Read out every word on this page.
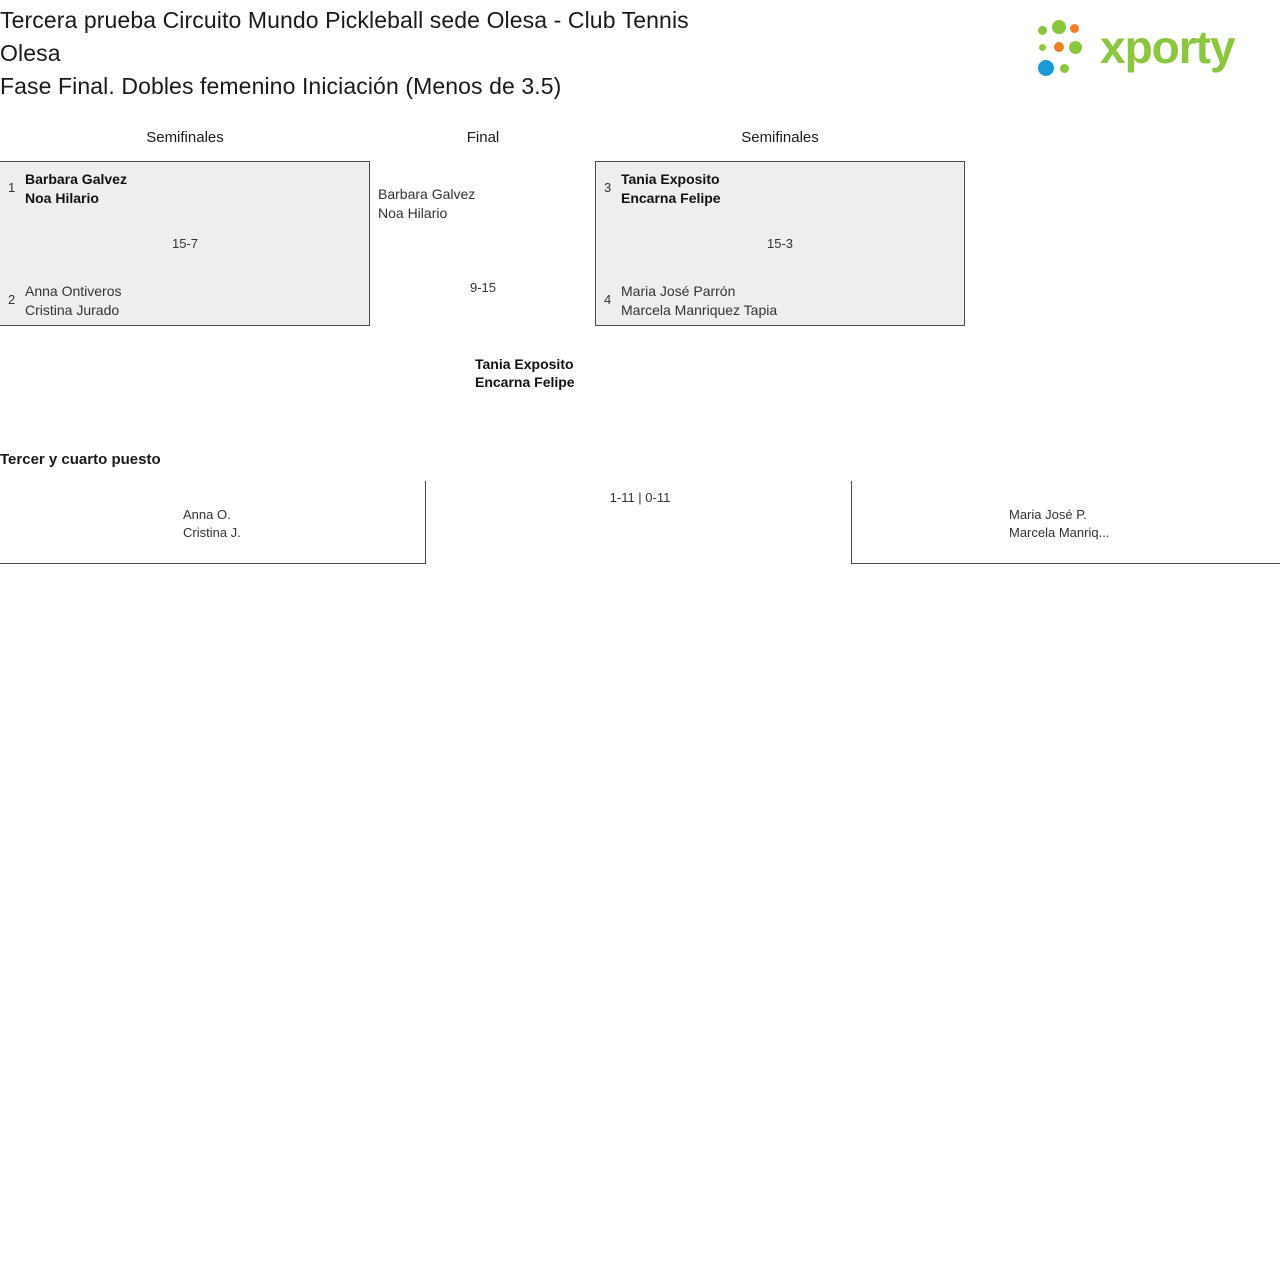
Tercera prueba Circuito Mundo Pickleball sede Olesa - Club Tennis
Olesa
Fase Final. Dobles femenino Iniciación (Menos de 3.5)
xporty
Semifinales	Final	Semifinales
1
Barbara Galvez
Noa Hilario
15-7
2
Anna Ontiveros
Cristina Jurado
Barbara Galvez
Noa Hilario
9-15
Tania Exposito
Encarna Felipe
3
Tania Exposito
Encarna Felipe
15-3
4
Maria José Parrón
Marcela Manriquez Tapia
Tercer y cuarto puesto
Anna O.
Cristina J.
1-11 | 0-11
Maria José P.
Marcela Manriq...
